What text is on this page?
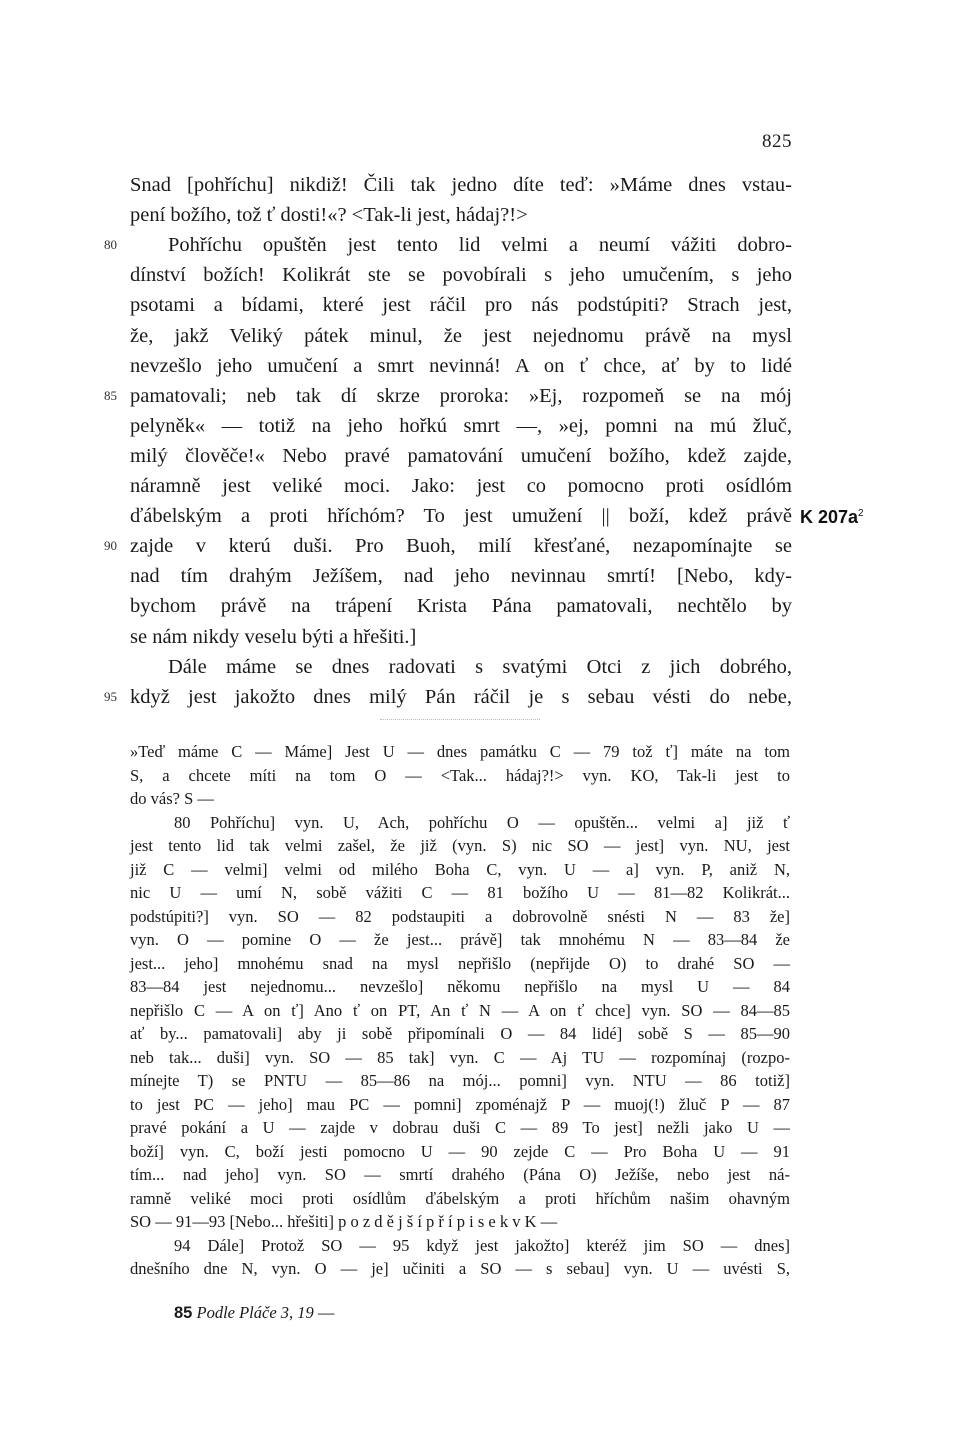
825
Snad [pohříchu] nikdiž! Čili tak jedno díte teď: »Máme dnes vstau-
pení božího, tož ť dosti!«? <Tak-li jest, hádaj?!>
Pohříchu opuštěn jest tento lid velmi a neumí vážiti dobro-
80
dínství božích! Kolikrát ste se povobírali s jeho umučením, s jeho
psotami a bídami, které jest ráčil pro nás podstúpiti? Strach jest,
že, jakž Veliký pátek minul, že jest nejednomu právě na mysl
nevzešlo jeho umučení a smrt nevinná! A on ť chce, ať by to lidé
pamatovali; neb tak dí skrze proroka: »Ej, rozpomeň se na mój
85
pelyněk« — totiž na jeho hořkú smrt —, »ej, pomni na mú žluč,
milý člověče!« Nebo pravé pamatování umučení božího, kdež zajde,
náramně jest veliké moci. Jako: jest co pomocno proti osídlóm
ďábelským a proti hříchóm? To jest umužení || boží, kdež právě
zajde v kterú duši. Pro Buoh, milí křesťané, nezapomínajte se
90
nad tím drahým Ježíšem, nad jeho nevinnau smrtí! [Nebo, kdy-
bychom právě na trápení Krista Pána pamatovali, nechtělo by
se nám nikdy veselu býti a hřešiti.]
Dále máme se dnes radovati s svatými Otci z jich dobrého,
když jest jakožto dnes milý Pán ráčil je s sebau vésti do nebe,
95
K $207a^2$
»Teď máme C — Máme] Jest U — dnes památku C — 79 tož ť] máte na tom
S, a chcete míti na tom O — <Tak... hádaj?!> vyn. KO, Tak-li jest to
do vás? S —
80 Pohříchu] vyn. U, Ach, pohříchu O — opuštěn... velmi a] již ť
jest tento lid tak velmi zašel, že již (vyn. S) nic SO — jest] vyn. NU, jest
již C — velmi] velmi od milého Boha C, vyn. U — a] vyn. P, aniž N,
nic U — umí N, sobě vážiti C — 81 božího U — 81—82 Kolikrát...
podstúpiti?] vyn. SO — 82 podstaupiti a dobrovolně snésti N — 83 že]
vyn. O — pomine O — že jest... právě] tak mnohému N — 83—84 že
jest... jeho] mnohému snad na mysl nepřišlo (nepřijde O) to drahé SO —
83—84 jest nejednomu... nevzešlo] někomu nepřišlo na mysl U — 84
nepřišlo C — A on ť] Ano ť on PT, An ť N — A on ť chce] vyn. SO — 84—85
ať by... pamatovali] aby ji sobě připomínali O — 84 lidé] sobě S — 85—90
neb tak... duši] vyn. SO — 85 tak] vyn. C — Aj TU — rozpomínaj (rozpo-
mínejte T) se PNTU — 85—86 na mój... pomni] vyn. NTU — 86 totiž]
to jest PC — jeho] mau PC — pomni] zpoménajž P — muoj(!) žluč P — 87
pravé pokání a U — zajde v dobrau duši C — 89 To jest] nežli jako U —
boží] vyn. C, boží jesti pomocno U — 90 zejde C — Pro Boha U — 91
tím... nad jeho] vyn. SO — smrtí drahého (Pána O) Ježíše, nebo jest ná-
ramně veliké moci proti osídlům ďábelským a proti hříchům našim ohavným
SO — 91—93 [Nebo... hřešiti] p o z d ě j š í p ř í p i s e k v K —
94 Dále] Protož SO — 95 když jest jakožto] kteréž jim SO — dnes]
dnešního dne N, vyn. O — je] učiniti a SO — s sebau] vyn. U — uvésti S,
85 Podle Pláče 3, 19 —
